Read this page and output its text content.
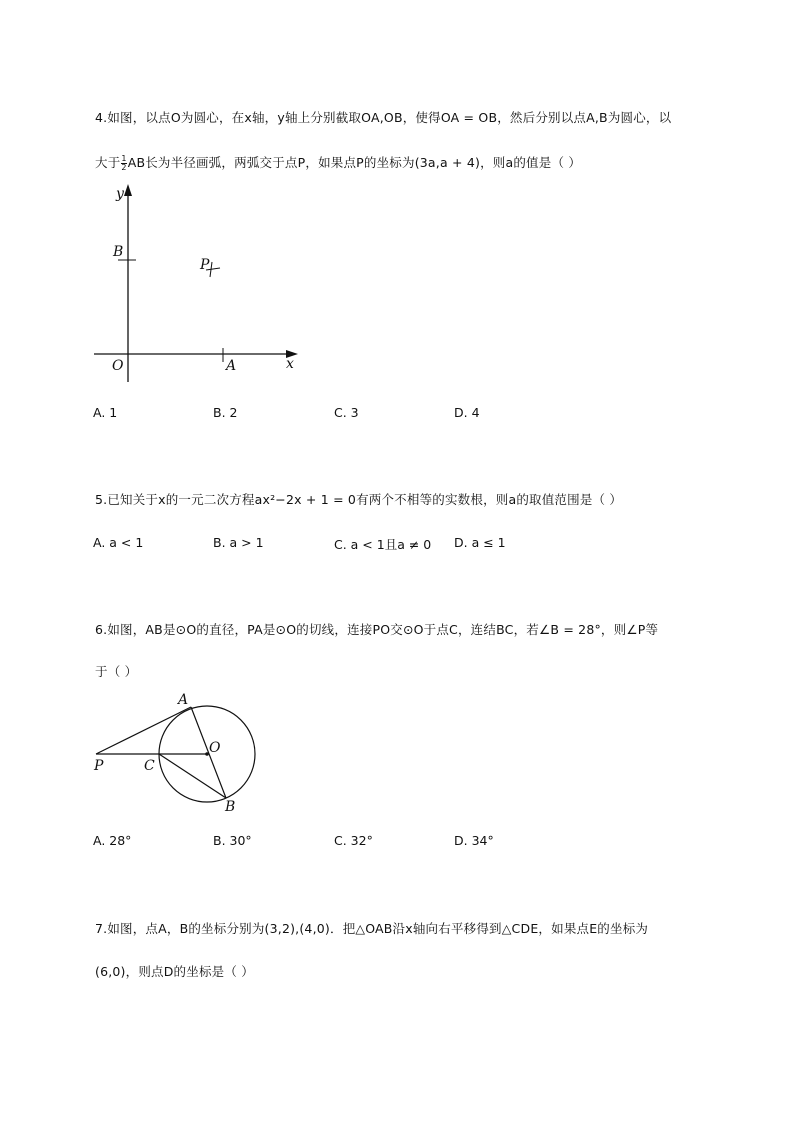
4.如图，以点O为圆心，在x轴，y轴上分别截取OA,OB，使得OA = OB，然后分别以点A,B为圆心，以
大于 $\frac{1}{2}$ AB长为半径画弧，两弧交于点P，如果点P的坐标为(3a,a + 4)，则a的值是（ ）
y
x
B
P
O	A
A. 1	B. 2	C. 3	D. 4
5.已知关于x的一元二次方程ax²−2x + 1 = 0有两个不相等的实数根，则a的取值范围是（ ）
A. a < 1	B. a > 1	C. a < 1且a ≠ 0 D. a ≤ 1
6.如图，AB是⊙O的直径，PA是⊙O的切线，连接PO交⊙O于点C，连结BC，若∠B = 28°，则∠P等
于（ ）
A
O
P	C
B
A. 28°	B. 30°	C. 32°	D. 34°
7.如图，点A，B的坐标分别为(3,2),(4,0)．把△OAB沿x轴向右平移得到△CDE，如果点E的坐标为
(6,0)，则点D的坐标是（ ）
